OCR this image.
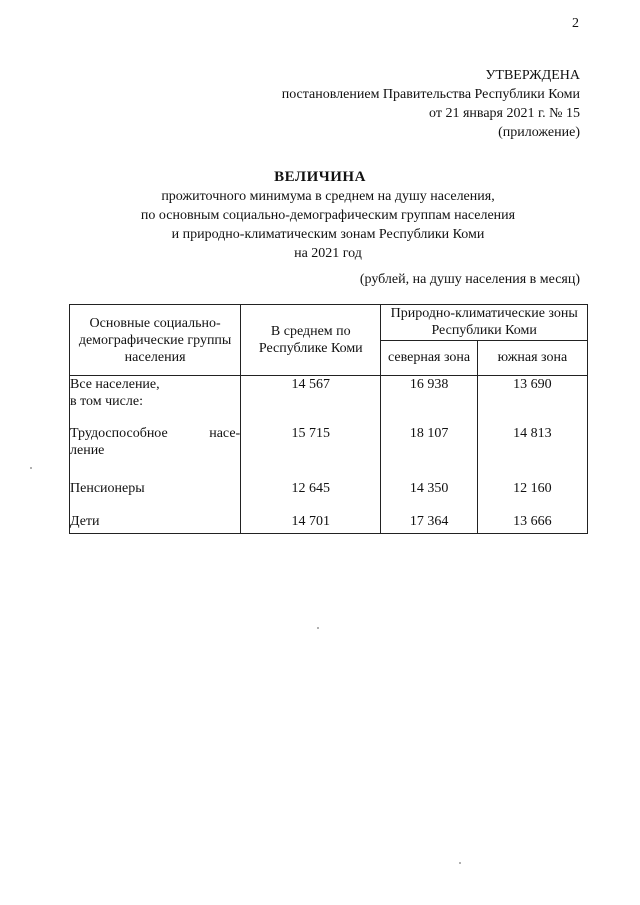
2
УТВЕРЖДЕНА
постановлением Правительства Республики Коми
от 21 января 2021 г. № 15
(приложение)
ВЕЛИЧИНА
прожиточного минимума в среднем на душу населения,
по основным социально-демографическим группам населения
и природно-климатическим зонам Республики Коми
на 2021 год
(рублей, на душу населения в месяц)
Основные социально-демографические группы населения	В среднем по Республике Коми	Природно-климатические зоны Республики Коми	
		северная зона	южная зона

Все население,
в том числе:	14 567	16 938	13 690

Трудоспособное насе-
ление	15 715	18 107	14 813
Пенсионеры	12 645	14 350	12 160
Дети	14 701	17 364	13 666
